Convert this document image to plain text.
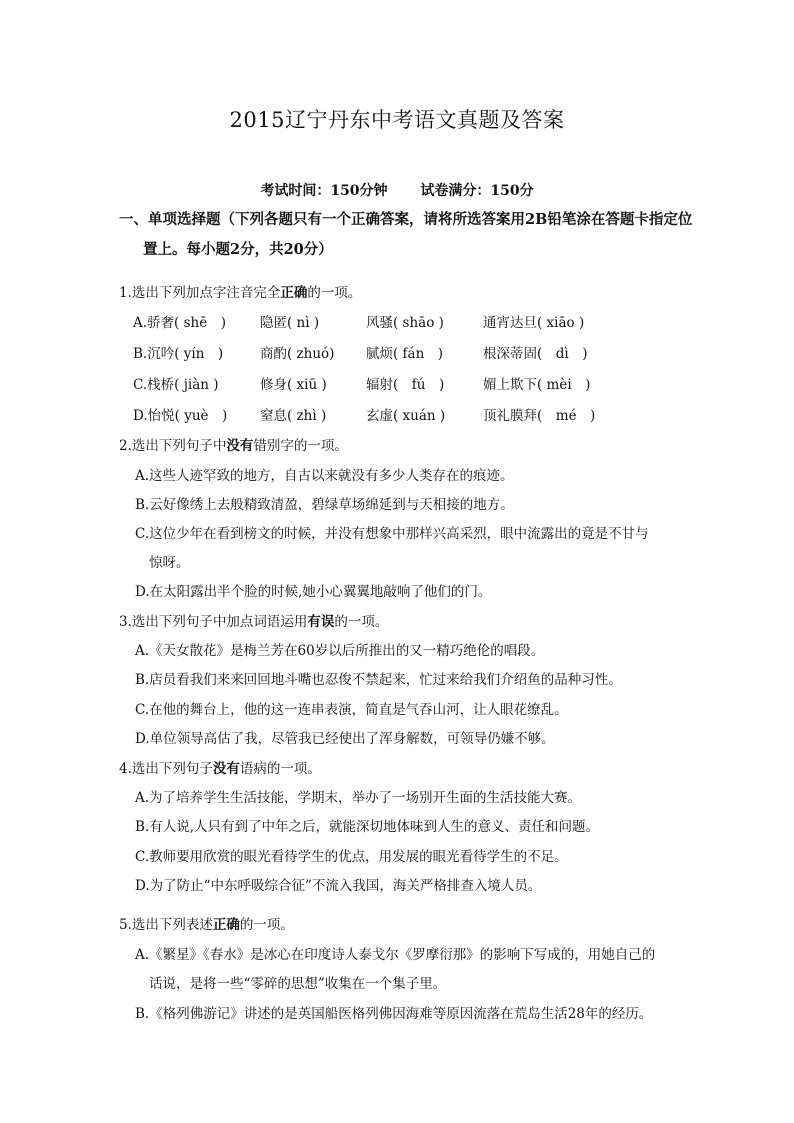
2015辽宁丹东中考语文真题及答案
考试时间：150分钟 试卷满分：150分
一、单项选择题（下列各题只有一个正确答案，请将所选答案用2B铅笔涂在答题卡指定位
置上。每小题2分，共20分）
1.选出下列加点字注音完全正确的一项。
A.骄奢( shē　)	隐匿( nì )	风骚( shāo )	通宵达旦( xiāo )
B.沉吟( yín　)	商酌( zhuó) 腻烦( fán　)	根深蒂固(　dì　)
C.栈桥( jiàn )	修身( xiū )	辐射(　fú　)	媚上欺下( mèi　)
D.怡悦( yuè　) 窒息( zhì )	玄虚( xuán )	顶礼膜拜(　mé　)
2.选出下列句子中没有错别字的一项。
A.这些人迹罕致的地方，自古以来就没有多少人类存在的痕迹。
B.云好像绣上去般精致清盈，碧绿草场绵延到与天相接的地方。
C.这位少年在看到榜文的时候，并没有想象中那样兴高采烈，眼中流露出的竟是不甘与
惊呀。
D.在太阳露出半个脸的时候,她小心翼翼地敲响了他们的门。
3.选出下列句子中加点词语运用有误的一项。
A.《天女散花》是梅兰芳在60岁以后所推出的又一精巧绝伦的唱段。
B.店员看我们来来回回地斗嘴也忍俊不禁起来，忙过来给我们介绍鱼的品种习性。
C.在他的舞台上，他的这一连串表演，简直是气吞山河，让人眼花缭乱。
D.单位领导高估了我，尽管我已经使出了浑身解数，可领导仍嫌不够。
4.选出下列句子没有语病的一项。
A.为了培养学生生活技能，学期末，举办了一场别开生面的生活技能大赛。
B.有人说,人只有到了中年之后，就能深切地体味到人生的意义、责任和问题。
C.教师要用欣赏的眼光看待学生的优点，用发展的眼光看待学生的不足。
D.为了防止“中东呼吸综合征”不流入我国，海关严格排查入境人员。
5.选出下列表述正确的一项。
A.《繁星》《春水》是冰心在印度诗人泰戈尔《罗摩衍那》的影响下写成的，用她自己的
话说，是将一些“零碎的思想”收集在一个集子里。
B.《格列佛游记》讲述的是英国船医格列佛因海难等原因流落在荒岛生活28年的经历。
